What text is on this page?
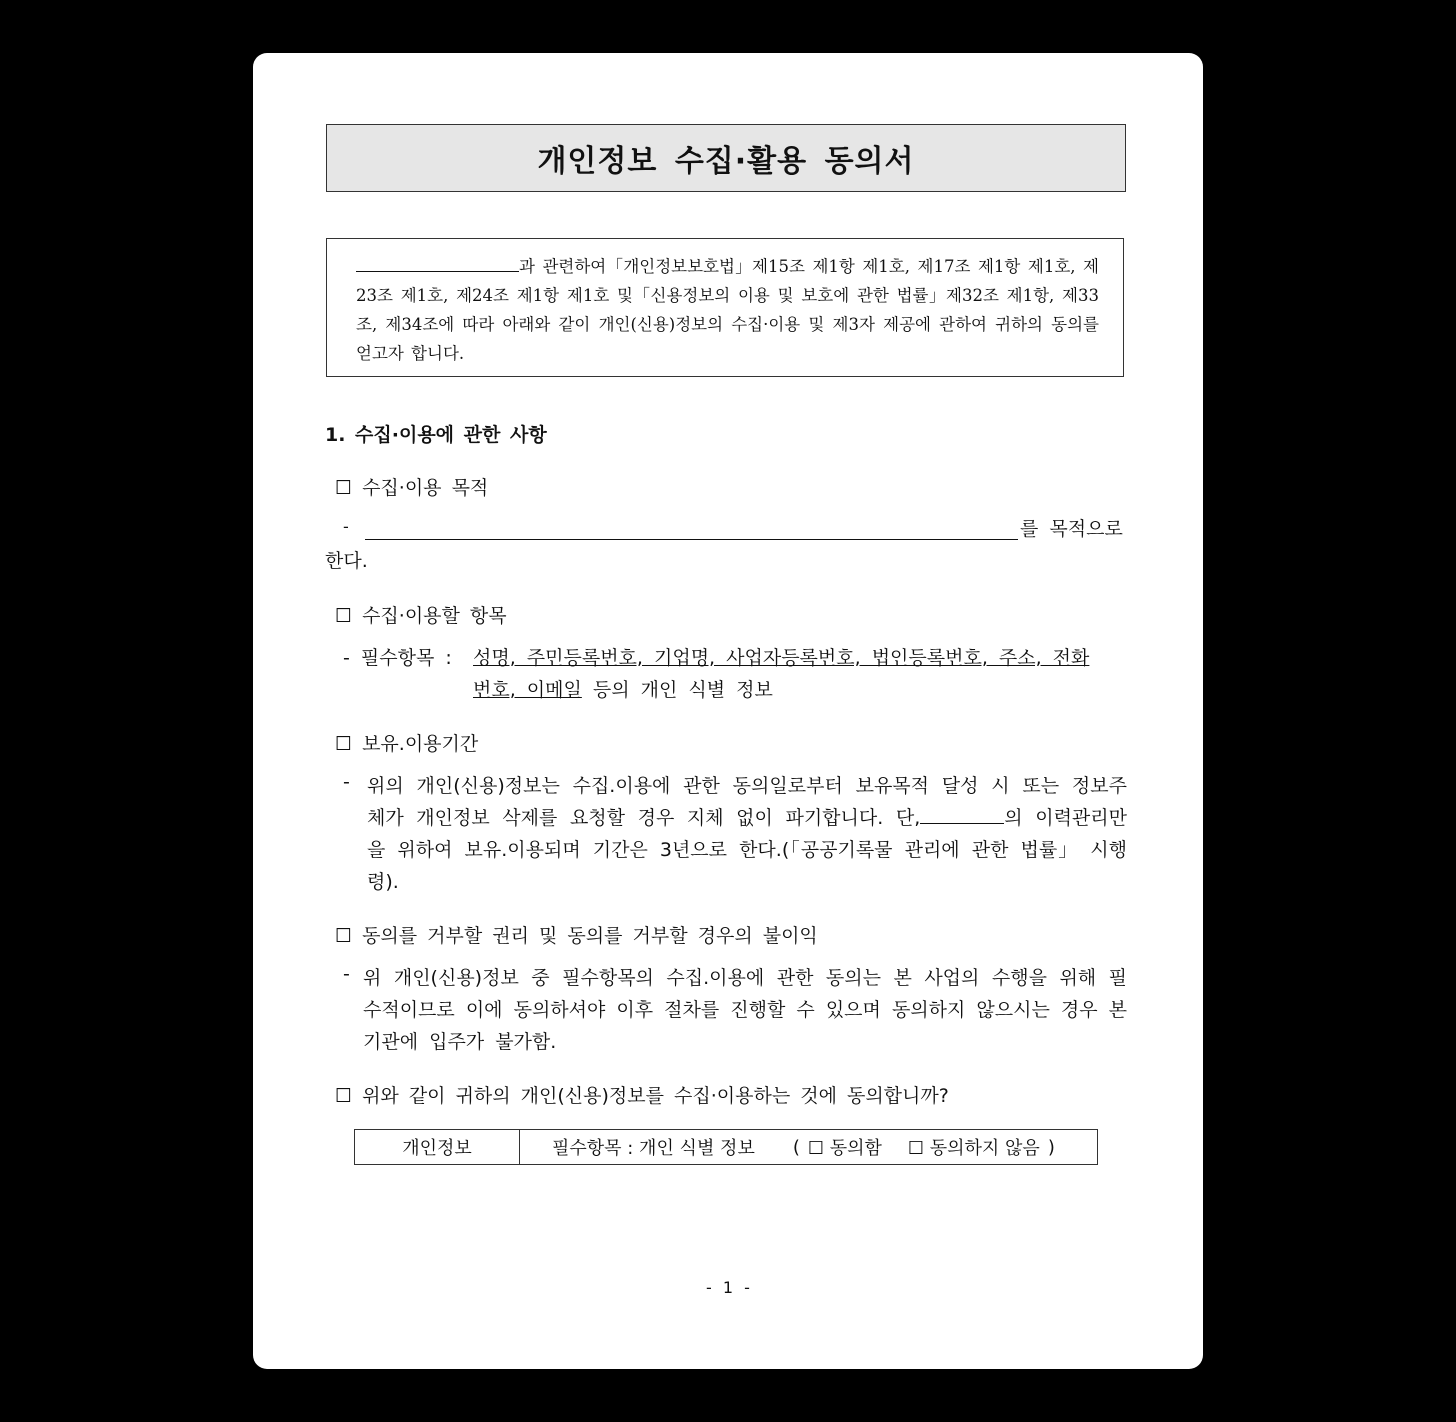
개인정보 수집·활용 동의서
과 관련하여「개인정보보호법」제15조 제1항 제1호, 제17조 제1항 제1호, 제23조 제1호, 제24조 제1항 제1호 및「신용정보의 이용 및 보호에 관한 법률」제32조 제1항, 제33조, 제34조에 따라 아래와 같이 개인(신용)정보의 수집·이용 및 제3자 제공에 관하여 귀하의 동의를 얻고자 합니다.
1. 수집·이용에 관한 사항
☐ 수집·이용 목적
-	를 목적으로
한다.
☐ 수집·이용할 항목
- 필수항목 : 성명, 주민등록번호, 기업명, 사업자등록번호, 법인등록번호, 주소, 전화
번호, 이메일 등의 개인 식별 정보
☐ 보유.이용기간
- 위의 개인(신용)정보는 수집.이용에 관한 동의일로부터 보유목적 달성 시 또는 정보주체가 개인정보 삭제를 요청할 경우 지체 없이 파기합니다. 단,	의 이력관리만을 위하여 보유.이용되며 기간은 3년으로 한다.(「공공기록물 관리에 관한 법률」 시행령).
☐ 동의를 거부할 권리 및 동의를 거부할 경우의 불이익
- 위 개인(신용)정보 중 필수항목의 수집.이용에 관한 동의는 본 사업의 수행을 위해 필수적이므로 이에 동의하셔야 이후 절차를 진행할 수 있으며 동의하지 않으시는 경우 본 기관에 입주가 불가함.
☐ 위와 같이 귀하의 개인(신용)정보를 수집·이용하는 것에 동의합니까?
개인정보	필수항목 : 개인 식별 정보 ( ☐ 동의함 ☐ 동의하지 않음 )
- 1 -
